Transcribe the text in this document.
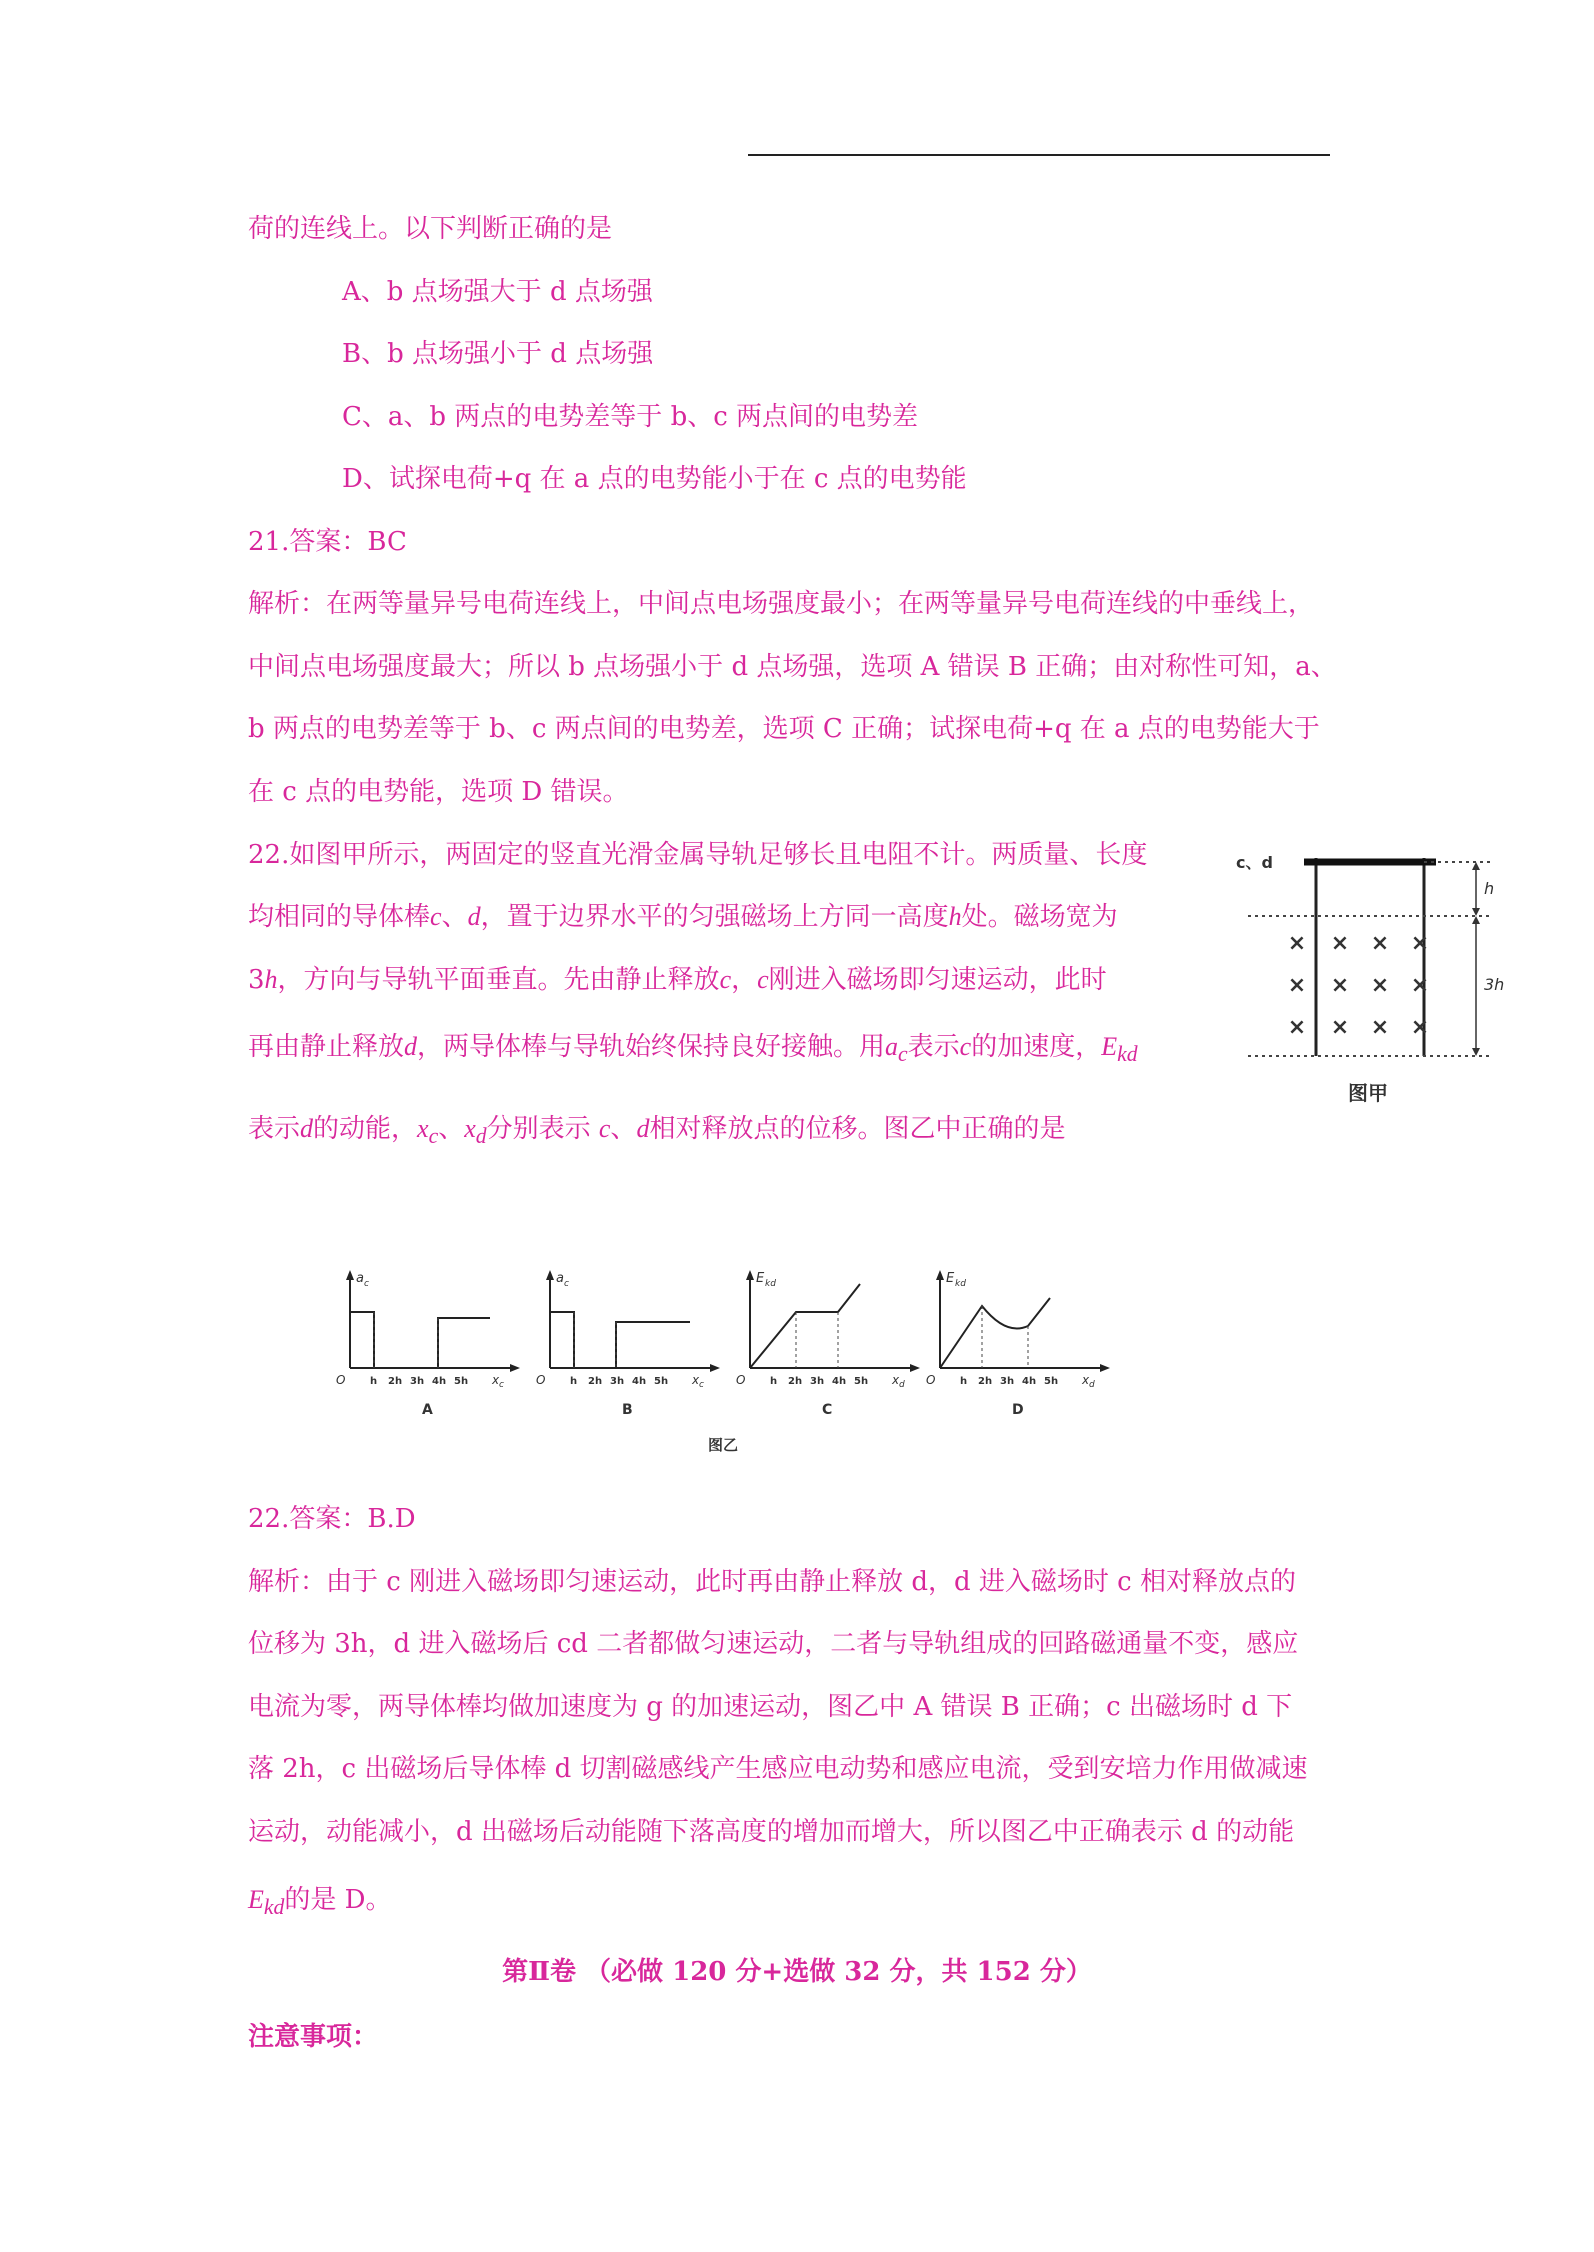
荷的连线上。以下判断正确的是
A、b 点场强大于 d 点场强
B、b 点场强小于 d 点场强
C、a、b 两点的电势差等于 b、c 两点间的电势差
D、试探电荷+q 在 a 点的电势能小于在 c 点的电势能
21.答案：BC
解析：在两等量异号电荷连线上，中间点电场强度最小；在两等量异号电荷连线的中垂线上，
中间点电场强度最大；所以 b 点场强小于 d 点场强，选项 A 错误 B 正确；由对称性可知，a、
b 两点的电势差等于 b、c 两点间的电势差，选项 C 正确；试探电荷+q 在 a 点的电势能大于
在 c 点的电势能，选项 D 错误。
22.如图甲所示，两固定的竖直光滑金属导轨足够长且电阻不计。两质量、长度
均相同的导体棒c、d，置于边界水平的匀强磁场上方同一高度h处。磁场宽为
3h，方向与导轨平面垂直。先由静止释放c，c刚进入磁场即匀速运动，此时
再由静止释放d，两导体棒与导轨始终保持良好接触。用$a_c$表示c的加速度，$E_{kd}$
表示d的动能，$x_c$、$x_d$分别表示 c、d相对释放点的位移。图乙中正确的是
c、d
h
3h
× × × ×
× × × ×
× × × ×
图甲
a c
O h 2h 3h 4h 5h x c
A
a c
O h 2h 3h 4h 5h x c
B
E kd
O h 2h 3h 4h 5h x d
C
E kd
O h 2h 3h 4h 5h x d
D
图乙
22.答案：B.D
解析：由于 c 刚进入磁场即匀速运动，此时再由静止释放 d，d 进入磁场时 c 相对释放点的
位移为 3h，d 进入磁场后 cd 二者都做匀速运动，二者与导轨组成的回路磁通量不变，感应
电流为零，两导体棒均做加速度为 g 的加速运动，图乙中 A 错误 B 正确；c 出磁场时 d 下
落 2h，c 出磁场后导体棒 d 切割磁感线产生感应电动势和感应电流，受到安培力作用做减速
运动，动能减小，d 出磁场后动能随下落高度的增加而增大，所以图乙中正确表示 d 的动能
$E_{kd}$的是 D。
第Ⅱ卷 （必做 120 分+选做 32 分，共 152 分）
注意事项：
